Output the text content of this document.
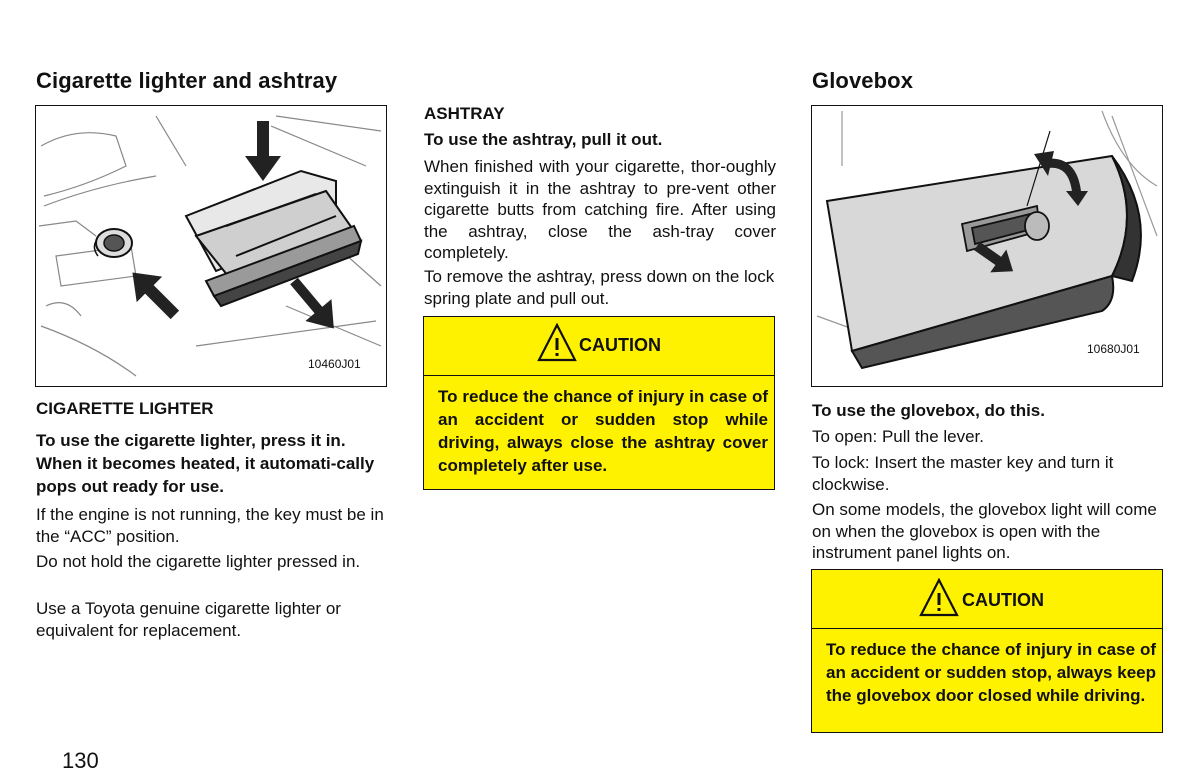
Cigarette lighter and ashtray
10460J01
CIGARETTE LIGHTER

To use the cigarette lighter, press it in. When it becomes heated, it automati-cally pops out ready for use.

If the engine is not running, the key must be in the “ACC” position.

Do not hold the cigarette lighter pressed in.

Use a Toyota genuine cigarette lighter or equivalent for replacement.

130
ASHTRAY

To use the ashtray, pull it out.

When finished with your cigarette, thor-oughly extinguish it in the ashtray to pre-vent other cigarette butts from catching fire. After using the ashtray, close the ash-tray cover completely.

To remove the ashtray, press down on the lock spring plate and pull out.

CAUTION
To reduce the chance of injury in case of an accident or sudden stop while driving, always close the ashtray cover completely after use.
Glovebox
10680J01

To use the glovebox, do this.

To open: Pull the lever.

To lock: Insert the master key and turn it clockwise.

On some models, the glovebox light will come on when the glovebox is open with the instrument panel lights on.

CAUTION
To reduce the chance of injury in case of an accident or sudden stop, always keep the glovebox door closed while driving.
